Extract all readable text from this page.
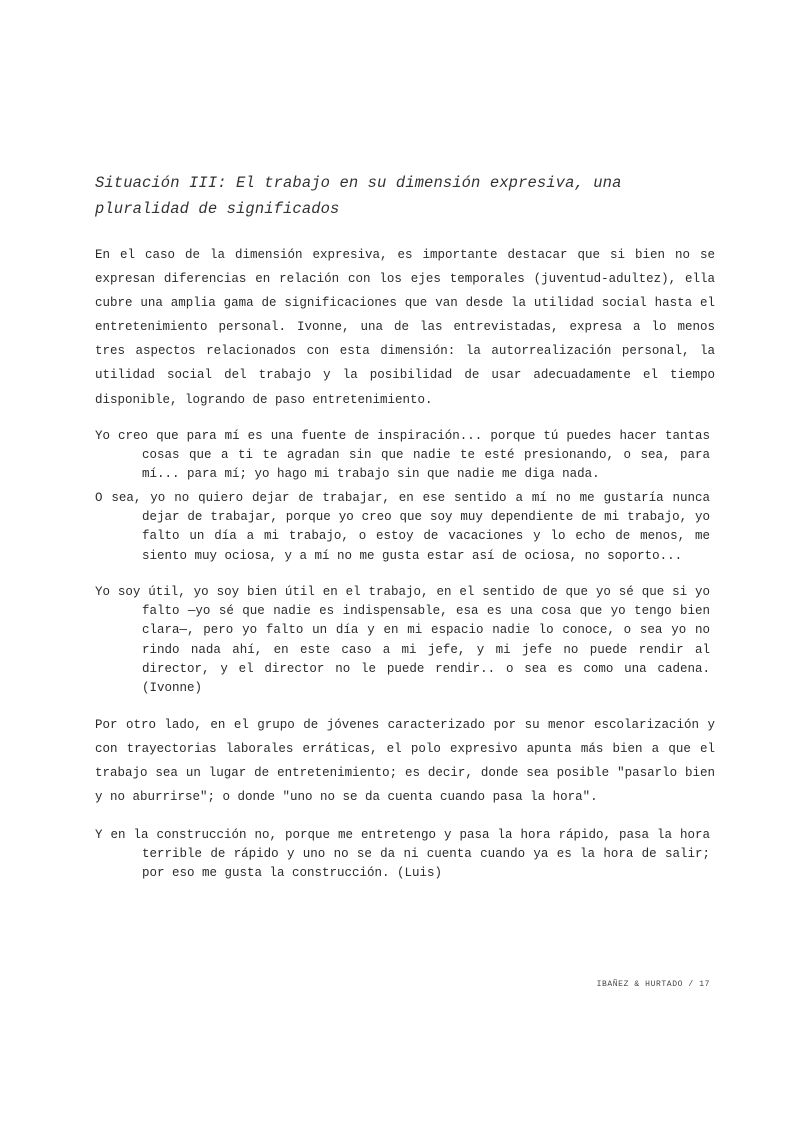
Situación III: El trabajo en su dimensión expresiva, una pluralidad de significados

En el caso de la dimensión expresiva, es importante destacar que si bien no se expresan diferencias en relación con los ejes temporales (juventud-adultez), ella cubre una amplia gama de significaciones que van desde la utilidad social hasta el entretenimiento personal. Ivonne, una de las entrevistadas, expresa a lo menos tres aspectos relacionados con esta dimensión: la autorrealización personal, la utilidad social del trabajo y la posibilidad de usar adecuadamente el tiempo disponible, logrando de paso entretenimiento.

Yo creo que para mí es una fuente de inspiración... porque tú puedes hacer tantas cosas que a ti te agradan sin que nadie te esté presionando, o sea, para mí... para mí; yo hago mi trabajo sin que nadie me diga nada.

O sea, yo no quiero dejar de trabajar, en ese sentido a mí no me gustaría nunca dejar de trabajar, porque yo creo que soy muy dependiente de mi trabajo, yo falto un día a mi trabajo, o estoy de vacaciones y lo echo de menos, me siento muy ociosa, y a mí no me gusta estar así de ociosa, no soporto...

Yo soy útil, yo soy bien útil en el trabajo, en el sentido de que yo sé que si yo falto —yo sé que nadie es indispensable, esa es una cosa que yo tengo bien clara—, pero yo falto un día y en mi espacio nadie lo conoce, o sea yo no rindo nada ahí, en este caso a mi jefe, y mi jefe no puede rendir al director, y el director no le puede rendir.. o sea es como una cadena. (Ivonne)

Por otro lado, en el grupo de jóvenes caracterizado por su menor escolarización y con trayectorias laborales erráticas, el polo expresivo apunta más bien a que el trabajo sea un lugar de entretenimiento; es decir, donde sea posible "pasarlo bien y no aburrirse"; o donde "uno no se da cuenta cuando pasa la hora".

Y en la construcción no, porque me entretengo y pasa la hora rápido, pasa la hora terrible de rápido y uno no se da ni cuenta cuando ya es la hora de salir; por eso me gusta la construcción. (Luis)

IBAÑEZ & HURTADO / 17
